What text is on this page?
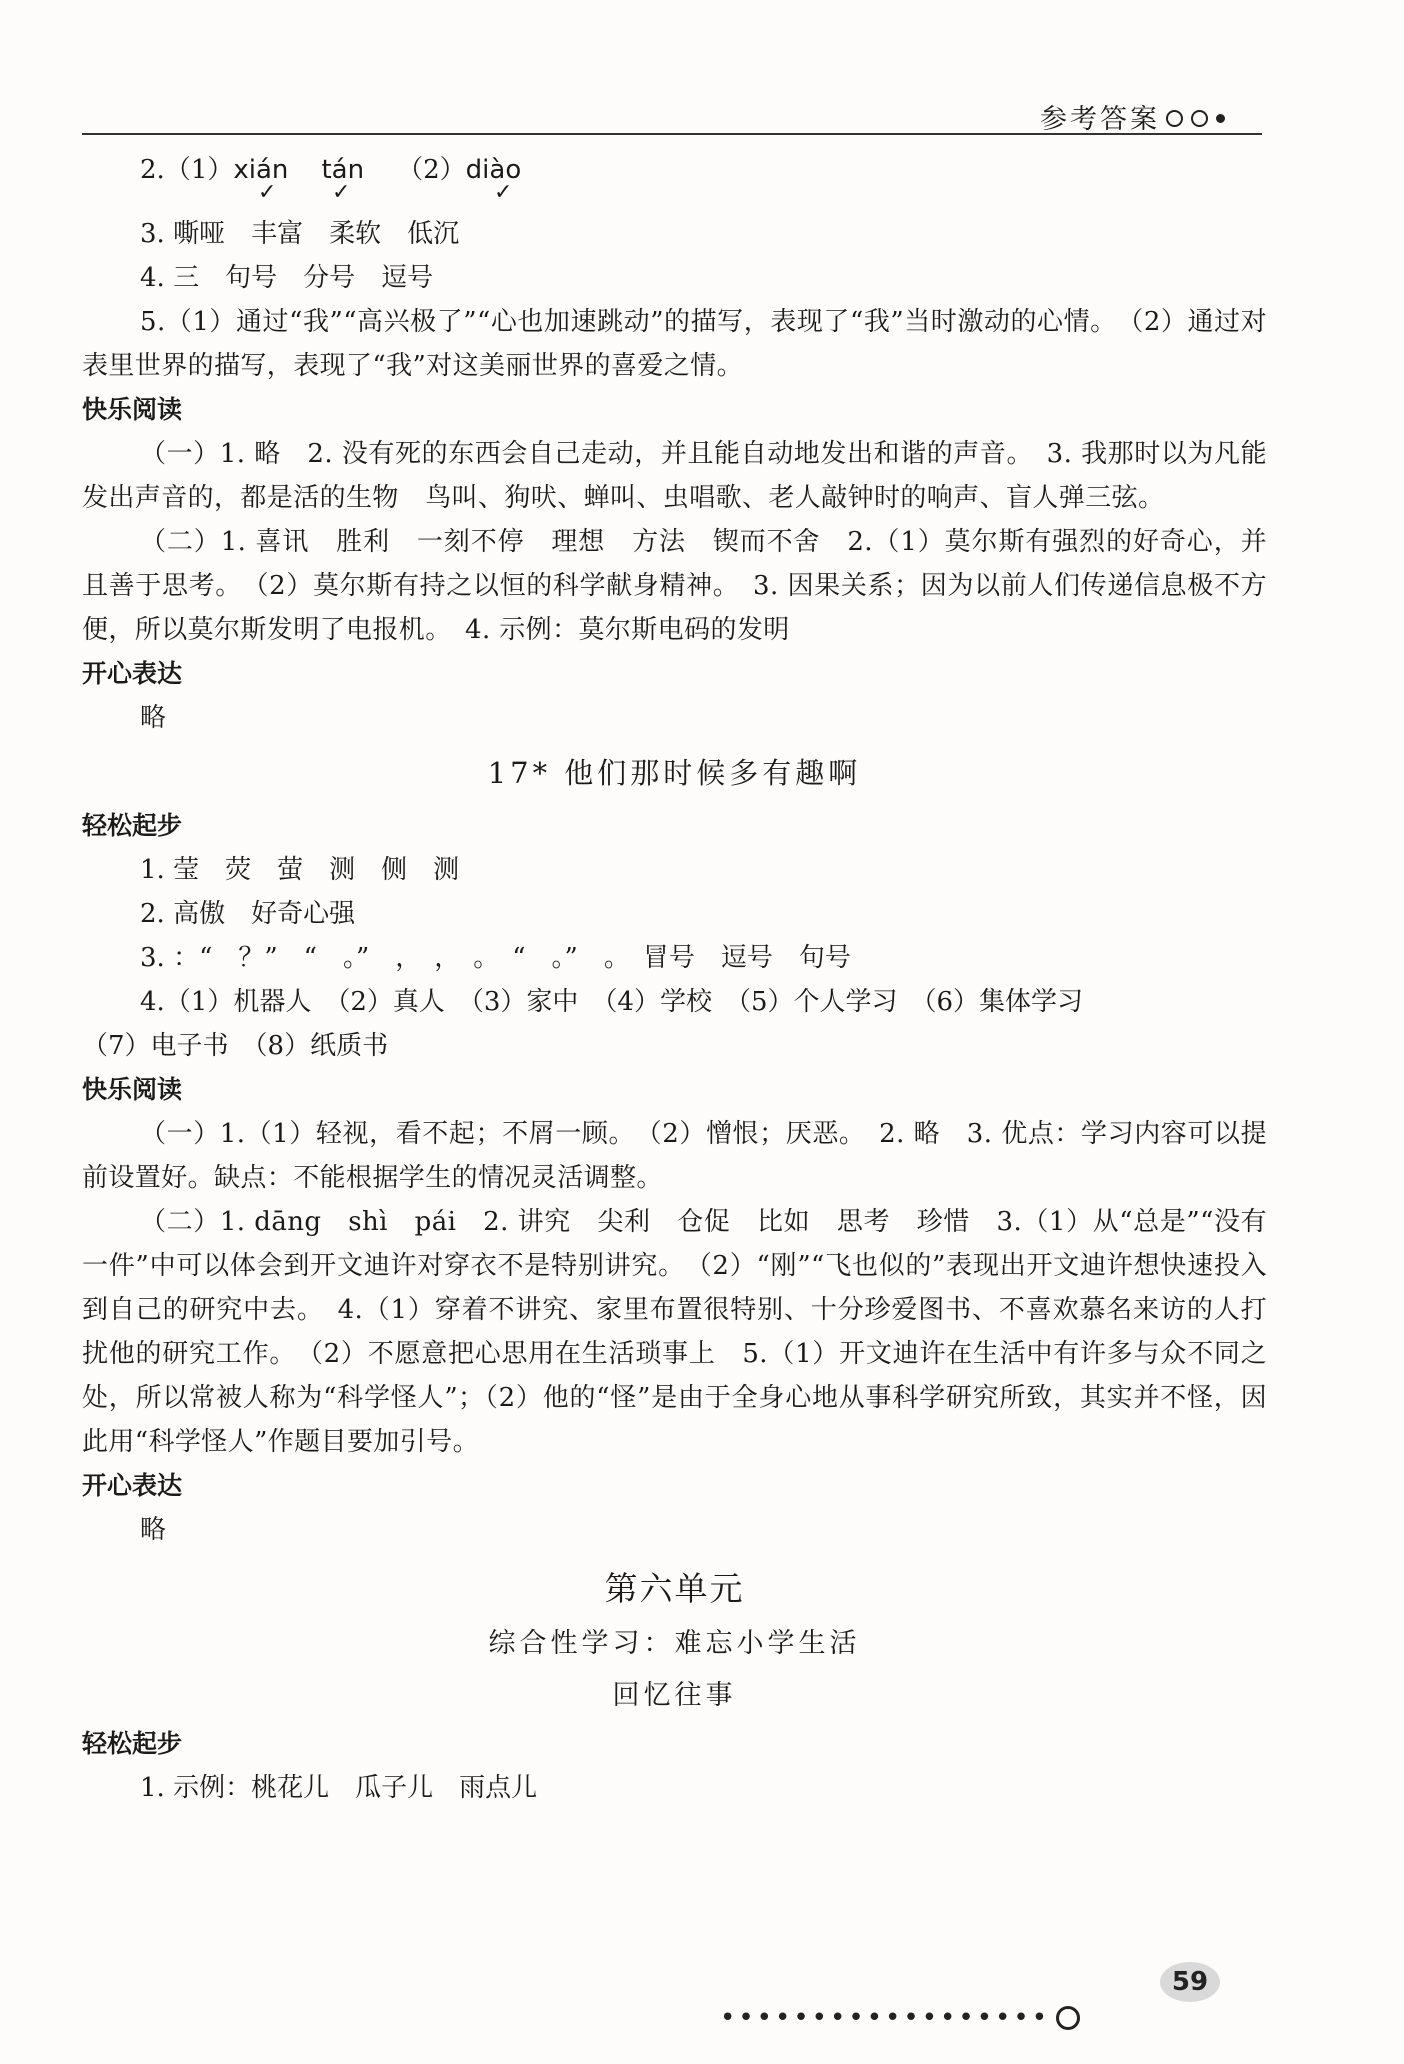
参考答案
2.（1）xián tán （2）diào
✓	✓	✓
3. 嘶哑　丰富　柔软　低沉
4. 三　句号　分号　逗号
5.（1）通过“我”“高兴极了”“心也加速跳动”的描写，表现了“我”当时激动的心情。　（2）通过对表里世界的描写，表现了“我”对这美丽世界的喜爱之情。
快乐阅读
（一）1. 略　2. 没有死的东西会自己走动，并且能自动地发出和谐的声音。　3. 我那时以为凡能发出声音的，都是活的生物　鸟叫、狗吠、蝉叫、虫唱歌、老人敲钟时的响声、盲人弹三弦。
（二）1. 喜讯　胜利　一刻不停　理想　方法　锲而不舍　2.（1）莫尔斯有强烈的好奇心，并且善于思考。　（2）莫尔斯有持之以恒的科学献身精神。　3. 因果关系；因为以前人们传递信息极不方便，所以莫尔斯发明了电报机。　4. 示例：莫尔斯电码的发明
开心表达
略
17* 他们那时候多有趣啊
轻松起步
1. 莹　荧　萤　测　侧　测
2. 高傲　好奇心强
3. ：“　？”　“　。”　，　，　。　“　。”　。　冒号　逗号　句号
4.（1）机器人　（2）真人　（3）家中　（4）学校　（5）个人学习　（6）集体学习
（7）电子书　（8）纸质书
快乐阅读
（一）1.（1）轻视，看不起；不屑一顾。　（2）憎恨；厌恶。　2. 略　3. 优点：学习内容可以提前设置好。缺点：不能根据学生的情况灵活调整。
（二）1. dāng　shì　pái　2. 讲究　尖利　仓促　比如　思考　珍惜　3.（1）从“总是”“没有一件”中可以体会到开文迪许对穿衣不是特别讲究。　（2）“刚”“飞也似的”表现出开文迪许想快速投入到自己的研究中去。　4.（1）穿着不讲究、家里布置很特别、十分珍爱图书、不喜欢慕名来访的人打扰他的研究工作。　（2）不愿意把心思用在生活琐事上　5.（1）开文迪许在生活中有许多与众不同之处，所以常被人称为“科学怪人”；（2）他的“怪”是由于全身心地从事科学研究所致，其实并不怪，因此用“科学怪人”作题目要加引号。
开心表达
略
第六单元
综合性学习：难忘小学生活
回忆往事
轻松起步
1. 示例：桃花儿　瓜子儿　雨点儿
59
••••••••••••••••••
